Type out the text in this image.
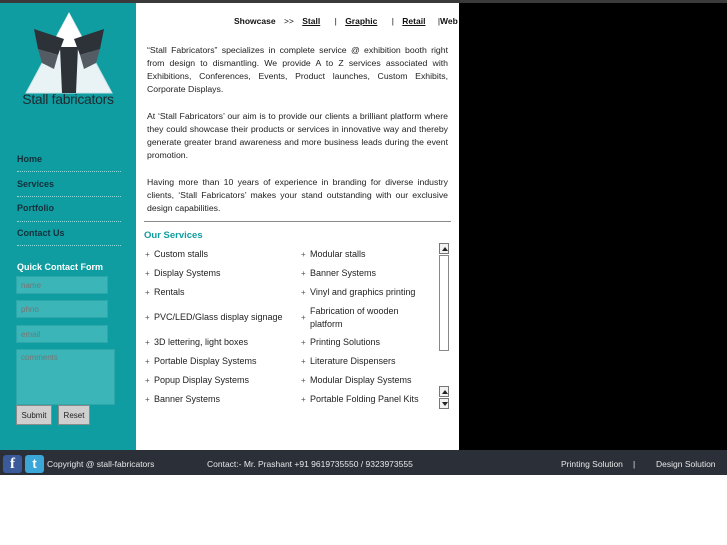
Stall fabricators
Home
Services
Portfolio
Contact Us
Quick Contact Form
name
phno
email
comments
Submit	Reset
Showcase >> Stall | Graphic | Retail |Web
“Stall Fabricators” specializes in complete service @ exhibition booth right from design to dismantling. We provide A to Z services associated with Exhibitions, Conferences, Events, Product launches, Custom Exhibits, Corporate Displays.
At ‘Stall Fabricators’ our aim is to provide our clients a brilliant platform where they could showcase their products or services in innovative way and thereby generate greater brand awareness and more business leads during the event promotion.
Having more than 10 years of experience in branding for diverse industry clients, ‘Stall Fabricators’ makes your stand outstanding with our exclusive design capabilities.
Our Services
+ Custom stalls
+ Display Systems
+ Rentals
+ PVC/LED/Glass display signage
+ 3D lettering, light boxes
+ Portable Display Systems
+ Popup Display Systems
+ Banner Systems
+ Modular stalls
+ Banner Systems
+ Vinyl and graphics printing
+Fabrication of wooden platform
+ Printing Solutions
+ Literature Dispensers
+ Modular Display Systems
+ Portable Folding Panel Kits
f	t	Copyright @ stall-fabricators	Contact:- Mr. Prashant +91 9619735550 / 9323973555	Printing Solution | Design Solution
